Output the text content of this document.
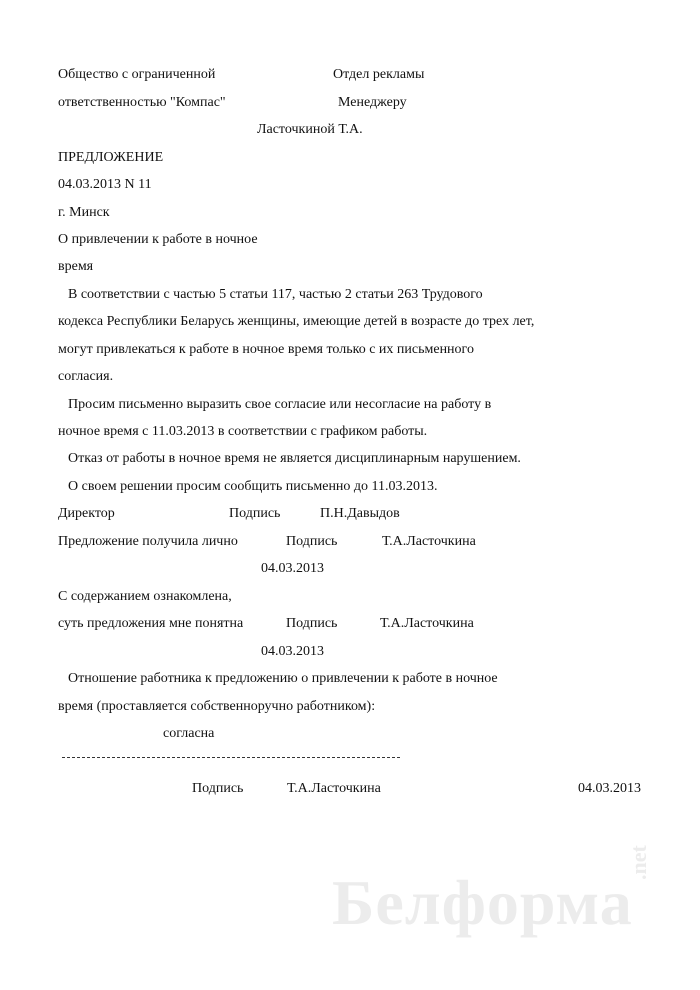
Общество с ограниченной
ответственностью "Компас"
Отдел рекламы
Менеджеру
Ласточкиной Т.А.
ПРЕДЛОЖЕНИЕ
04.03.2013 N 11
г. Минск
О привлечении к работе в ночное
время
В соответствии с частью 5 статьи 117, частью 2 статьи 263 Трудового
кодекса Республики Беларусь женщины, имеющие детей в возрасте до трех лет,
могут привлекаться к работе в ночное время только с их письменного
согласия.
Просим письменно выразить свое согласие или несогласие на работу в
ночное время с 11.03.2013 в соответствии с графиком работы.
Отказ от работы в ночное время не является дисциплинарным нарушением.
О своем решении просим сообщить письменно до 11.03.2013.
Директор	Подпись	П.Н.Давыдов
Предложение получила лично	Подпись	Т.А.Ласточкина
04.03.2013
С содержанием ознакомлена,
суть предложения мне понятна	Подпись	Т.А.Ласточкина
04.03.2013
Отношение работника к предложению о привлечении к работе в ночное
время (проставляется собственноручно работником):
согласна
Подпись	Т.А.Ласточкина	04.03.2013
Белформа
.net
